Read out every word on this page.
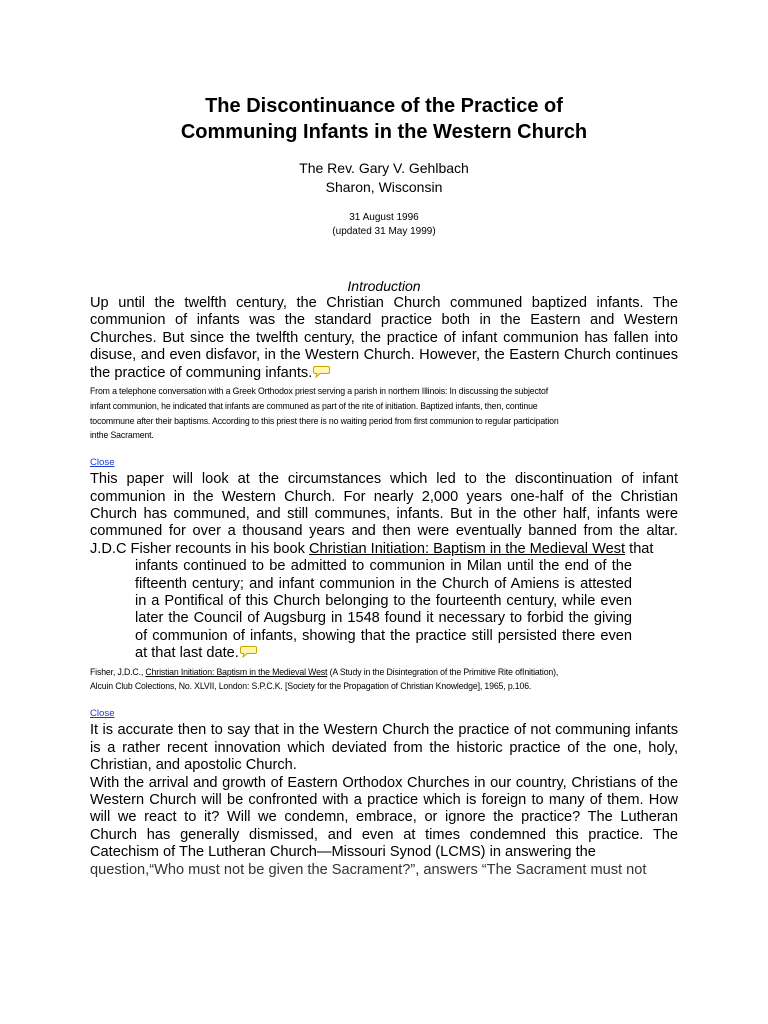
The Discontinuance of the Practice of
Communing Infants in the Western Church
The Rev. Gary V. Gehlbach
Sharon, Wisconsin
31 August 1996
(updated 31 May 1999)
Introduction

Up until the twelfth century, the Christian Church communed baptized infants. The communion of infants was the standard practice both in the Eastern and Western Churches. But since the twelfth century, the practice of infant communion has fallen into disuse, and even disfavor, in the Western Church. However, the Eastern Church continues the practice of communing infants.

From a telephone conversation with a Greek Orthodox priest serving a parish in northern Illinois: In discussing the subjectof
infant communion, he indicated that infants are communed as part of the rite of initiation. Baptized infants, then, continue
tocommune after their baptisms. According to this priest there is no waiting period from first communion to regular participation
inthe Sacrament.
Close

This paper will look at the circumstances which led to the discontinuation of infant communion in the Western Church. For nearly 2,000 years one-half of the Christian Church has communed, and still communes, infants. But in the other half, infants were communed for over a thousand years and then were eventually banned from the altar. J.D.C Fisher recounts in his book Christian Initiation: Baptism in the Medieval West that

infants continued to be admitted to communion in Milan until the end of the fifteenth century; and infant communion in the Church of Amiens is attested in a Pontifical of this Church belonging to the fourteenth century, while even later the Council of Augsburg in 1548 found it necessary to forbid the giving of communion of infants, showing that the practice still persisted there even at that last date.

Fisher, J.D.C., Christian Initiation: Baptism in the Medieval West (A Study in the Disintegration of the Primitive Rite ofInitiation),
Alcuin Club Colections, No. XLVII, London: S.P.C.K. [Society for the Propagation of Christian Knowledge], 1965, p.106.
Close

It is accurate then to say that in the Western Church the practice of not communing infants is a rather recent innovation which deviated from the historic practice of the one, holy, Christian, and apostolic Church.

With the arrival and growth of Eastern Orthodox Churches in our country, Christians of the Western Church will be confronted with a practice which is foreign to many of them. How will we react to it? Will we condemn, embrace, or ignore the practice? The Lutheran Church has generally dismissed, and even at times condemned this practice. The Catechism of The Lutheran Church—Missouri Synod (LCMS) in answering the

question,“Who must not be given the Sacrament?”, answers “The Sacrament must not
